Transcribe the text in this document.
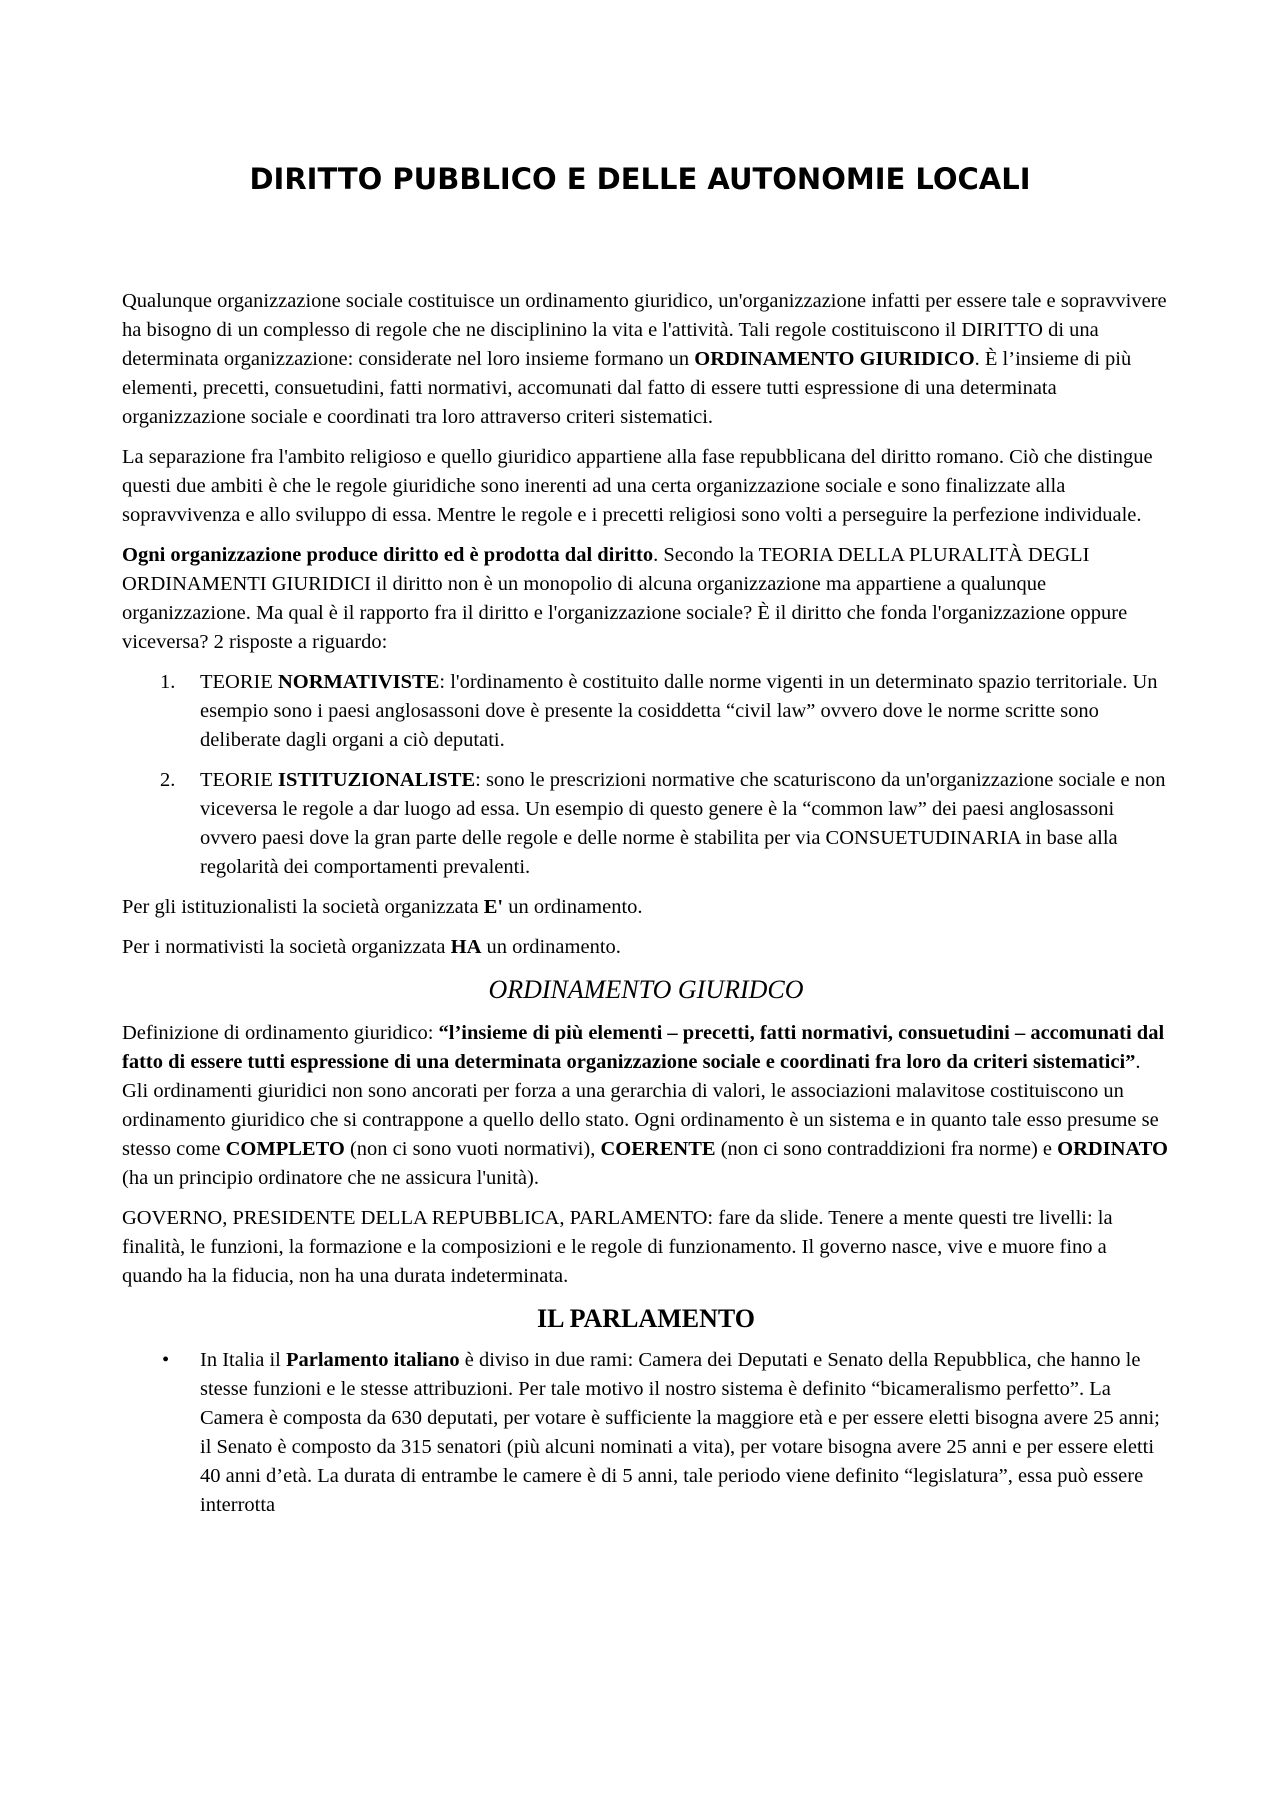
DIRITTO PUBBLICO E DELLE AUTONOMIE LOCALI

Qualunque organizzazione sociale costituisce un ordinamento giuridico, un'organizzazione infatti per essere tale e sopravvivere ha bisogno di un complesso di regole che ne disciplinino la vita e l'attività. Tali regole costituiscono il DIRITTO di una determinata organizzazione: considerate nel loro insieme formano un ORDINAMENTO GIURIDICO. È l’insieme di più elementi, precetti, consuetudini, fatti normativi, accomunati dal fatto di essere tutti espressione di una determinata organizzazione sociale e coordinati tra loro attraverso criteri sistematici.

La separazione fra l'ambito religioso e quello giuridico appartiene alla fase repubblicana del diritto romano. Ciò che distingue questi due ambiti è che le regole giuridiche sono inerenti ad una certa organizzazione sociale e sono finalizzate alla sopravvivenza e allo sviluppo di essa. Mentre le regole e i precetti religiosi sono volti a perseguire la perfezione individuale.

Ogni organizzazione produce diritto ed è prodotta dal diritto. Secondo la TEORIA DELLA PLURALITÀ DEGLI ORDINAMENTI GIURIDICI il diritto non è un monopolio di alcuna organizzazione ma appartiene a qualunque organizzazione. Ma qual è il rapporto fra il diritto e l'organizzazione sociale? È il diritto che fonda l'organizzazione oppure viceversa? 2 risposte a riguardo:

1. TEORIE NORMATIVISTE: l'ordinamento è costituito dalle norme vigenti in un determinato spazio territoriale. Un esempio sono i paesi anglosassoni dove è presente la cosiddetta “civil law” ovvero dove le norme scritte sono deliberate dagli organi a ciò deputati.
2. TEORIE ISTITUZIONALISTE: sono le prescrizioni normative che scaturiscono da un'organizzazione sociale e non viceversa le regole a dar luogo ad essa. Un esempio di questo genere è la “common law” dei paesi anglosassoni ovvero paesi dove la gran parte delle regole e delle norme è stabilita per via CONSUETUDINARIA in base alla regolarità dei comportamenti prevalenti.

Per gli istituzionalisti la società organizzata E' un ordinamento.

Per i normativisti la società organizzata HA un ordinamento.

ORDINAMENTO GIURIDCO

Definizione di ordinamento giuridico: “l’insieme di più elementi – precetti, fatti normativi, consuetudini – accomunati dal fatto di essere tutti espressione di una determinata organizzazione sociale e coordinati fra loro da criteri sistematici”. Gli ordinamenti giuridici non sono ancorati per forza a una gerarchia di valori, le associazioni malavitose costituiscono un ordinamento giuridico che si contrappone a quello dello stato. Ogni ordinamento è un sistema e in quanto tale esso presume se stesso come COMPLETO (non ci sono vuoti normativi), COERENTE (non ci sono contraddizioni fra norme) e ORDINATO (ha un principio ordinatore che ne assicura l'unità).

GOVERNO, PRESIDENTE DELLA REPUBBLICA, PARLAMENTO: fare da slide. Tenere a mente questi tre livelli: la finalità, le funzioni, la formazione e la composizioni e le regole di funzionamento. Il governo nasce, vive e muore fino a quando ha la fiducia, non ha una durata indeterminata.

IL PARLAMENTO
• In Italia il Parlamento italiano è diviso in due rami: Camera dei Deputati e Senato della Repubblica, che hanno le stesse funzioni e le stesse attribuzioni. Per tale motivo il nostro sistema è definito “bicameralismo perfetto”. La Camera è composta da 630 deputati, per votare è sufficiente la maggiore età e per essere eletti bisogna avere 25 anni; il Senato è composto da 315 senatori (più alcuni nominati a vita), per votare bisogna avere 25 anni e per essere eletti 40 anni d’età. La durata di entrambe le camere è di 5 anni, tale periodo viene definito “legislatura”, essa può essere interrotta
